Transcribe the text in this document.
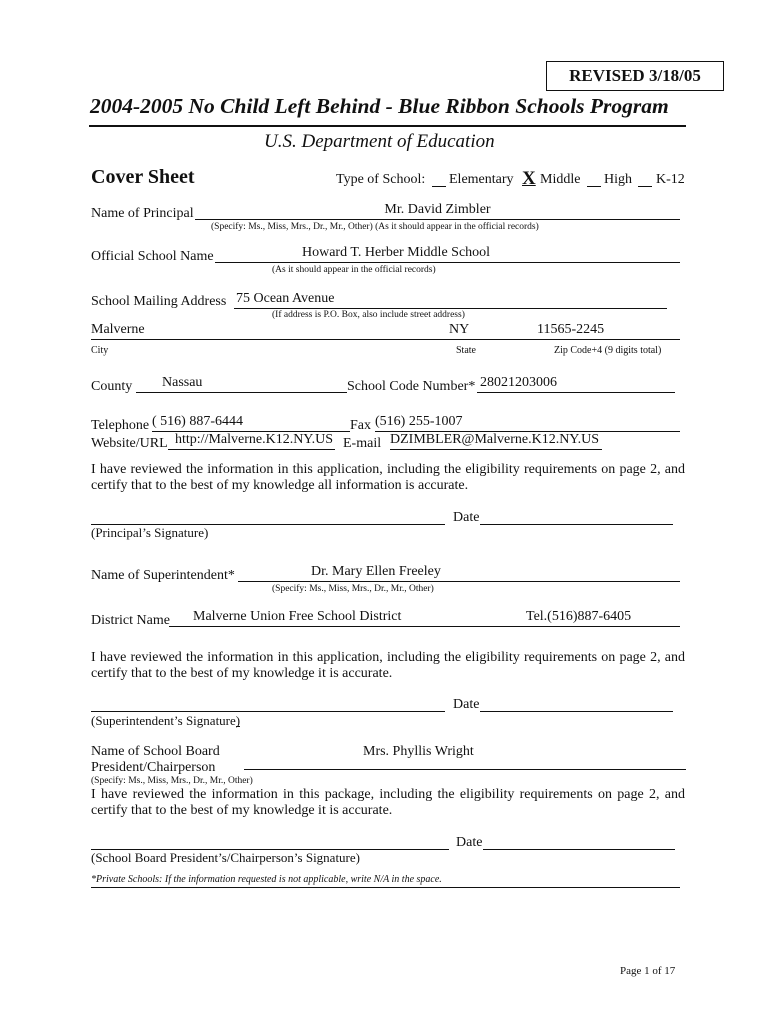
REVISED 3/18/05
2004-2005 No Child Left Behind - Blue Ribbon Schools Program
U.S. Department of Education
Cover Sheet	Type of School: Elementary X Middle High K-12
Name of Principal	Mr. David Zimbler
(Specify: Ms., Miss, Mrs., Dr., Mr., Other) (As it should appear in the official records)
Official School Name	Howard T. Herber Middle School
(As it should appear in the official records)
School Mailing Address 75 Ocean Avenue
(If address is P.O. Box, also include street address)
Malverne	NY	11565-2245
City	State	Zip Code+4 (9 digits total)
County Nassau	School Code Number* 28021203006
Telephone ( 516) 887-6444	Fax (516) 255-1007
Website/URL http://Malverne.K12.NY.US E-mail DZIMBLER@Malverne.K12.NY.US
I have reviewed the information in this application, including the eligibility requirements on page 2, and certify that to the best of my knowledge all information is accurate.
Date
(Principal’s Signature)
Name of Superintendent*	Dr. Mary Ellen Freeley
(Specify: Ms., Miss, Mrs., Dr., Mr., Other)
District Name Malverne Union Free School District	Tel.(516)887-6405
I have reviewed the information in this application, including the eligibility requirements on page 2, and certify that to the best of my knowledge it is accurate.
Date
(Superintendent’s Signature)
Name of School Board
President/Chairperson
Mrs. Phyllis Wright
(Specify: Ms., Miss, Mrs., Dr., Mr., Other)
I have reviewed the information in this package, including the eligibility requirements on page 2, and certify that to the best of my knowledge it is accurate.
Date
(School Board President’s/Chairperson’s Signature)
*Private Schools: If the information requested is not applicable, write N/A in the space.
Page 1 of 17
